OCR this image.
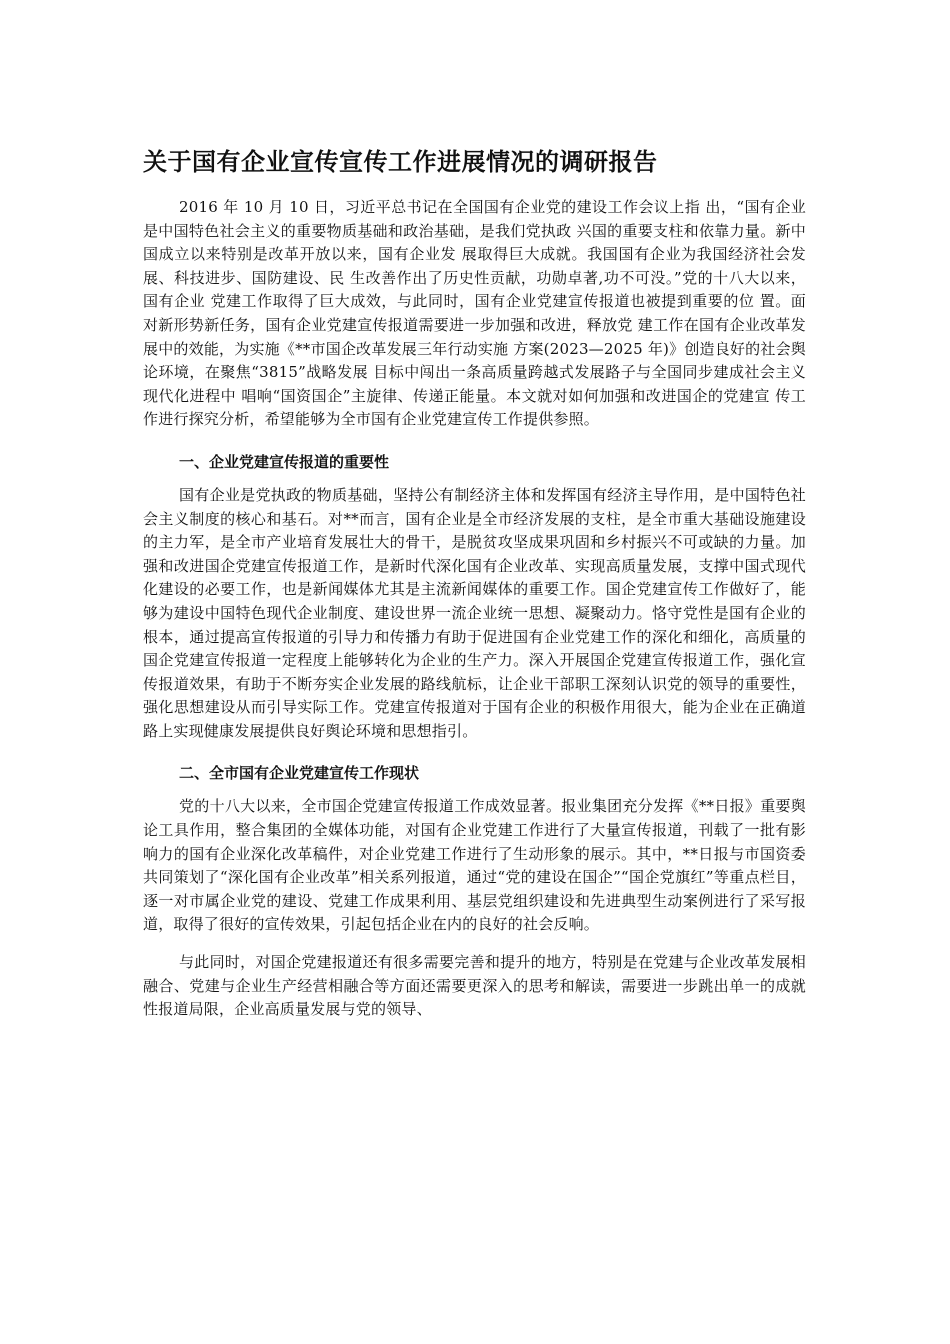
关于国有企业宣传宣传工作进展情况的调研报告

2016 年 10 月 10 日，习近平总书记在全国国有企业党的建设工作会议上指 出，“国有企业是中国特色社会主义的重要物质基础和政治基础，是我们党执政 兴国的重要支柱和依靠力量。新中国成立以来特别是改革开放以来，国有企业发 展取得巨大成就。我国国有企业为我国经济社会发展、科技进步、国防建设、民 生改善作出了历史性贡献，功勋卓著,功不可没。”党的十八大以来，国有企业 党建工作取得了巨大成效，与此同时，国有企业党建宣传报道也被提到重要的位 置。面对新形势新任务，国有企业党建宣传报道需要进一步加强和改进，释放党 建工作在国有企业改革发展中的效能，为实施《**市国企改革发展三年行动实施 方案(2023—2025 年)》创造良好的社会舆论环境，在聚焦“3815”战略发展 目标中闯出一条高质量跨越式发展路子与全国同步建成社会主义现代化进程中 唱响“国资国企”主旋律、传递正能量。本文就对如何加强和改进国企的党建宣 传工作进行探究分析，希望能够为全市国有企业党建宣传工作提供参照。

一、企业党建宣传报道的重要性

国有企业是党执政的物质基础，坚持公有制经济主体和发挥国有经济主导作用，是中国特色社会主义制度的核心和基石。对**而言，国有企业是全市经济发展的支柱，是全市重大基础设施建设的主力军，是全市产业培育发展壮大的骨干，是脱贫攻坚成果巩固和乡村振兴不可或缺的力量。加强和改进国企党建宣传报道工作，是新时代深化国有企业改革、实现高质量发展，支撑中国式现代化建设的必要工作，也是新闻媒体尤其是主流新闻媒体的重要工作。国企党建宣传工作做好了，能够为建设中国特色现代企业制度、建设世界一流企业统一思想、凝聚动力。恪守党性是国有企业的根本，通过提高宣传报道的引导力和传播力有助于促进国有企业党建工作的深化和细化，高质量的国企党建宣传报道一定程度上能够转化为企业的生产力。深入开展国企党建宣传报道工作，强化宣传报道效果，有助于不断夯实企业发展的路线航标，让企业干部职工深刻认识党的领导的重要性，强化思想建设从而引导实际工作。党建宣传报道对于国有企业的积极作用很大，能为企业在正确道路上实现健康发展提供良好舆论环境和思想指引。

二、全市国有企业党建宣传工作现状

党的十八大以来，全市国企党建宣传报道工作成效显著。报业集团充分发挥《**日报》重要舆论工具作用，整合集团的全媒体功能，对国有企业党建工作进行了大量宣传报道，刊载了一批有影响力的国有企业深化改革稿件，对企业党建工作进行了生动形象的展示。其中，**日报与市国资委共同策划了“深化国有企业改革”相关系列报道，通过“党的建设在国企”“国企党旗红”等重点栏目，逐一对市属企业党的建设、党建工作成果利用、基层党组织建设和先进典型生动案例进行了采写报道，取得了很好的宣传效果，引起包括企业在内的良好的社会反响。

与此同时，对国企党建报道还有很多需要完善和提升的地方，特别是在党建与企业改革发展相融合、党建与企业生产经营相融合等方面还需要更深入的思考和解读，需要进一步跳出单一的成就性报道局限，企业高质量发展与党的领导、
